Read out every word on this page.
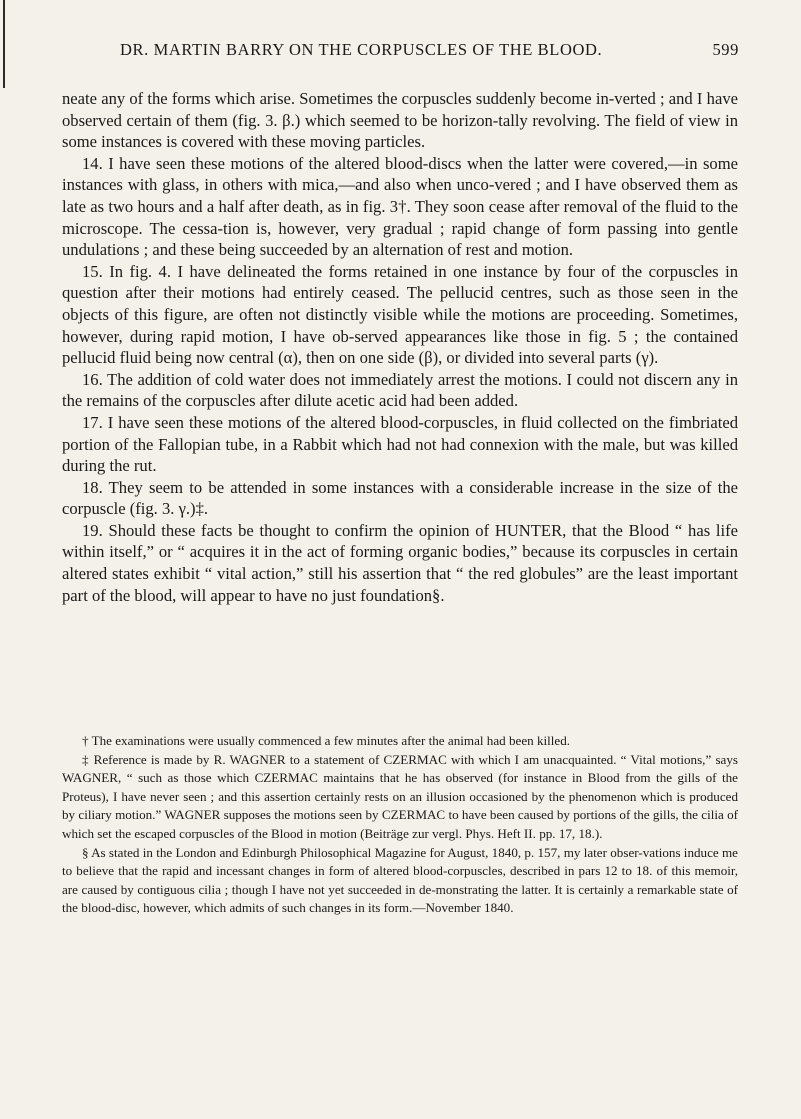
DR. MARTIN BARRY ON THE CORPUSCLES OF THE BLOOD.	599

neate any of the forms which arise. Sometimes the corpuscles suddenly become in-verted ; and I have observed certain of them (fig. 3. β.) which seemed to be horizon-tally revolving. The field of view in some instances is covered with these moving particles.

14. I have seen these motions of the altered blood-discs when the latter were covered,—in some instances with glass, in others with mica,—and also when unco-vered ; and I have observed them as late as two hours and a half after death, as in fig. 3†. They soon cease after removal of the fluid to the microscope. The cessa-tion is, however, very gradual ; rapid change of form passing into gentle undulations ; and these being succeeded by an alternation of rest and motion.

15. In fig. 4. I have delineated the forms retained in one instance by four of the corpuscles in question after their motions had entirely ceased. The pellucid centres, such as those seen in the objects of this figure, are often not distinctly visible while the motions are proceeding. Sometimes, however, during rapid motion, I have ob-served appearances like those in fig. 5 ; the contained pellucid fluid being now central (α), then on one side (β), or divided into several parts (γ).

16. The addition of cold water does not immediately arrest the motions. I could not discern any in the remains of the corpuscles after dilute acetic acid had been added.

17. I have seen these motions of the altered blood-corpuscles, in fluid collected on the fimbriated portion of the Fallopian tube, in a Rabbit which had not had connexion with the male, but was killed during the rut.

18. They seem to be attended in some instances with a considerable increase in the size of the corpuscle (fig. 3. γ.)‡.

19. Should these facts be thought to confirm the opinion of HUNTER, that the Blood “ has life within itself,” or “ acquires it in the act of forming organic bodies,” because its corpuscles in certain altered states exhibit “ vital action,” still his assertion that “ the red globules” are the least important part of the blood, will appear to have no just foundation§.

† The examinations were usually commenced a few minutes after the animal had been killed.

‡ Reference is made by R. WAGNER to a statement of CZERMAC with which I am unacquainted. “ Vital motions,” says WAGNER, “ such as those which CZERMAC maintains that he has observed (for instance in Blood from the gills of the Proteus), I have never seen ; and this assertion certainly rests on an illusion occasioned by the phenomenon which is produced by ciliary motion.” WAGNER supposes the motions seen by CZERMAC to have been caused by portions of the gills, the cilia of which set the escaped corpuscles of the Blood in motion (Beiträge zur vergl. Phys. Heft II. pp. 17, 18.).

§ As stated in the London and Edinburgh Philosophical Magazine for August, 1840, p. 157, my later obser-vations induce me to believe that the rapid and incessant changes in form of altered blood-corpuscles, described in pars 12 to 18. of this memoir, are caused by contiguous cilia ; though I have not yet succeeded in de-monstrating the latter. It is certainly a remarkable state of the blood-disc, however, which admits of such changes in its form.—November 1840.
